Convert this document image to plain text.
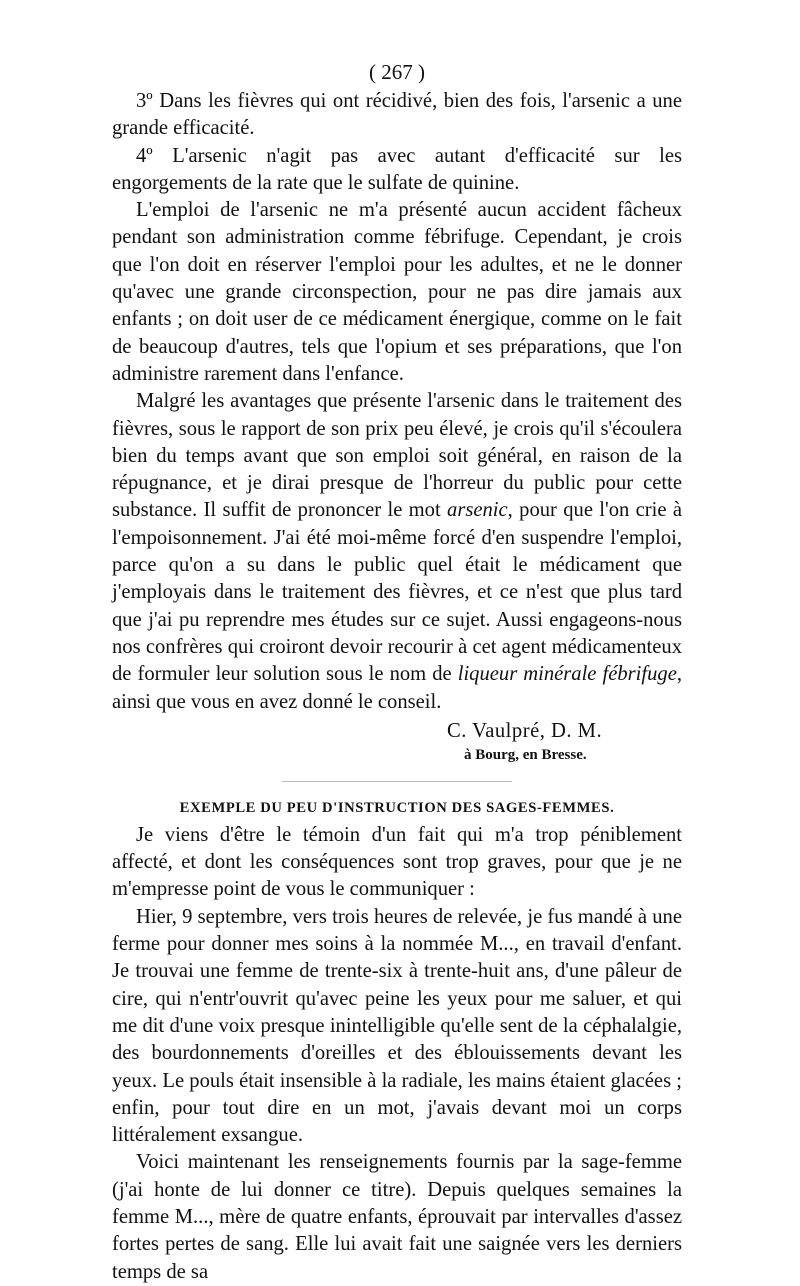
( 267 )

3º Dans les fièvres qui ont récidivé, bien des fois, l'arsenic a une grande efficacité.

4º L'arsenic n'agit pas avec autant d'efficacité sur les engorgements de la rate que le sulfate de quinine.

L'emploi de l'arsenic ne m'a présenté aucun accident fâcheux pendant son administration comme fébrifuge. Cependant, je crois que l'on doit en réserver l'emploi pour les adultes, et ne le donner qu'avec une grande circonspection, pour ne pas dire jamais aux enfants ; on doit user de ce médicament énergique, comme on le fait de beaucoup d'autres, tels que l'opium et ses préparations, que l'on administre rarement dans l'enfance.

Malgré les avantages que présente l'arsenic dans le traitement des fièvres, sous le rapport de son prix peu élevé, je crois qu'il s'écoulera bien du temps avant que son emploi soit général, en raison de la répugnance, et je dirai presque de l'horreur du public pour cette substance. Il suffit de prononcer le mot arsenic, pour que l'on crie à l'empoisonnement. J'ai été moi-même forcé d'en suspendre l'emploi, parce qu'on a su dans le public quel était le médicament que j'employais dans le traitement des fièvres, et ce n'est que plus tard que j'ai pu reprendre mes études sur ce sujet. Aussi engageons-nous nos confrères qui croiront devoir recourir à cet agent médicamenteux de formuler leur solution sous le nom de liqueur minérale fébrifuge, ainsi que vous en avez donné le conseil.

C. Vaulpré, D. M.
à Bourg, en Bresse.
EXEMPLE DU PEU D'INSTRUCTION DES SAGES-FEMMES.

Je viens d'être le témoin d'un fait qui m'a trop péniblement affecté, et dont les conséquences sont trop graves, pour que je ne m'empresse point de vous le communiquer :

Hier, 9 septembre, vers trois heures de relevée, je fus mandé à une ferme pour donner mes soins à la nommée M..., en travail d'enfant. Je trouvai une femme de trente-six à trente-huit ans, d'une pâleur de cire, qui n'entr'ouvrit qu'avec peine les yeux pour me saluer, et qui me dit d'une voix presque inintelligible qu'elle sent de la céphalalgie, des bourdonnements d'oreilles et des éblouissements devant les yeux. Le pouls était insensible à la radiale, les mains étaient glacées ; enfin, pour tout dire en un mot, j'avais devant moi un corps littéralement exsangue.

Voici maintenant les renseignements fournis par la sage-femme (j'ai honte de lui donner ce titre). Depuis quelques semaines la femme M..., mère de quatre enfants, éprouvait par intervalles d'assez fortes pertes de sang. Elle lui avait fait une saignée vers les derniers temps de sa
